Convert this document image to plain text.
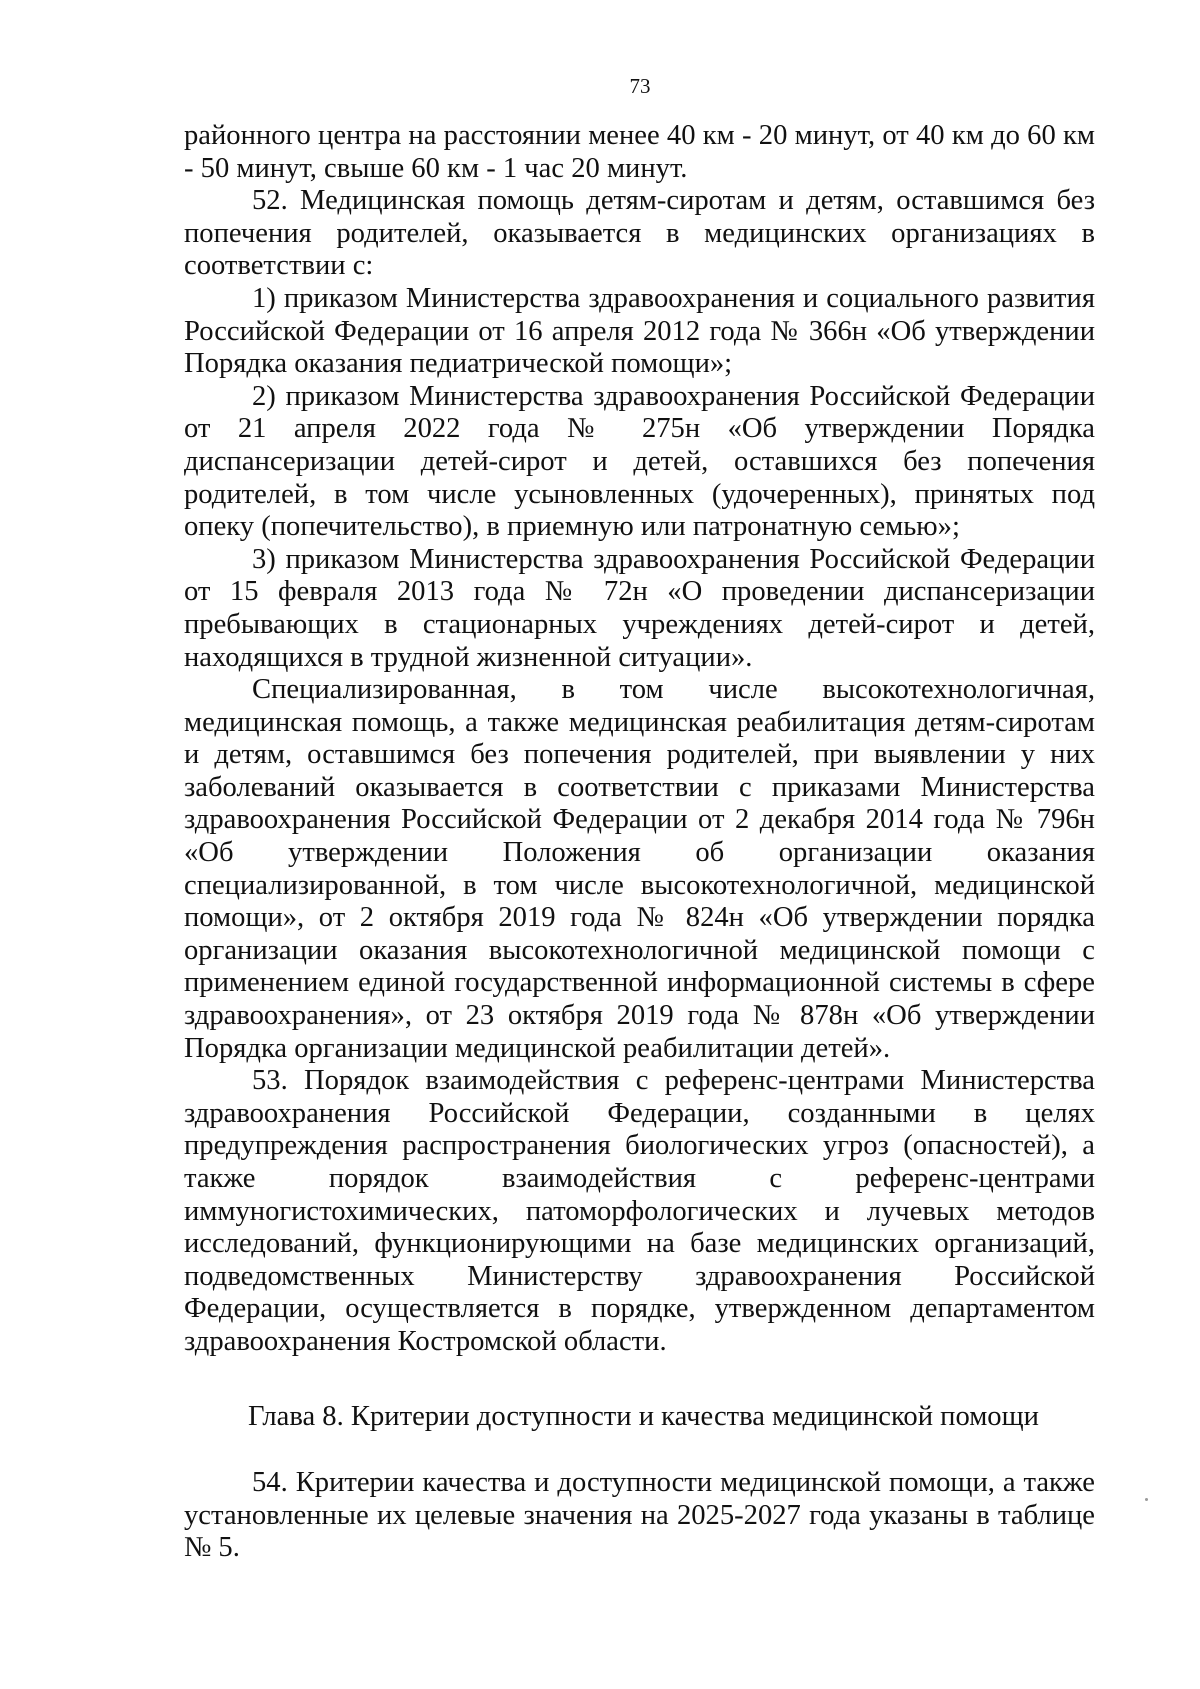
73

районного центра на расстоянии менее 40 км - 20 минут, от 40 км до 60 км - 50 минут, свыше 60 км - 1 час 20 минут.

52. Медицинская помощь детям-сиротам и детям, оставшимся без попечения родителей, оказывается в медицинских организациях в соответствии с:

1) приказом Министерства здравоохранения и социального развития Российской Федерации от 16 апреля 2012 года № 366н «Об утверждении Порядка оказания педиатрической помощи»;

2) приказом Министерства здравоохранения Российской Федерации от 21 апреля 2022 года № 275н «Об утверждении Порядка диспансеризации детей-сирот и детей, оставшихся без попечения родителей, в том числе усыновленных (удочеренных), принятых под опеку (попечительство), в приемную или патронатную семью»;

3) приказом Министерства здравоохранения Российской Федерации от 15 февраля 2013 года № 72н «О проведении диспансеризации пребывающих в стационарных учреждениях детей-сирот и детей, находящихся в трудной жизненной ситуации».

Специализированная, в том числе высокотехнологичная, медицинская помощь, а также медицинская реабилитация детям-сиротам и детям, оставшимся без попечения родителей, при выявлении у них заболеваний оказывается в соответствии с приказами Министерства здравоохранения Российской Федерации от 2 декабря 2014 года № 796н «Об утверждении Положения об организации оказания специализированной, в том числе высокотехнологичной, медицинской помощи», от 2 октября 2019 года № 824н «Об утверждении порядка организации оказания высокотехнологичной медицинской помощи с применением единой государственной информационной системы в сфере здравоохранения», от 23 октября 2019 года № 878н «Об утверждении Порядка организации медицинской реабилитации детей».

53. Порядок взаимодействия с референс-центрами Министерства здравоохранения Российской Федерации, созданными в целях предупреждения распространения биологических угроз (опасностей), а также порядок взаимодействия с референс-центрами иммуногистохимических, патоморфологических и лучевых методов исследований, функционирующими на базе медицинских организаций, подведомственных Министерству здравоохранения Российской Федерации, осуществляется в порядке, утвержденном департаментом здравоохранения Костромской области.

Глава 8. Критерии доступности и качества медицинской помощи

54. Критерии качества и доступности медицинской помощи, а также установленные их целевые значения на 2025-2027 года указаны в таблице № 5.
